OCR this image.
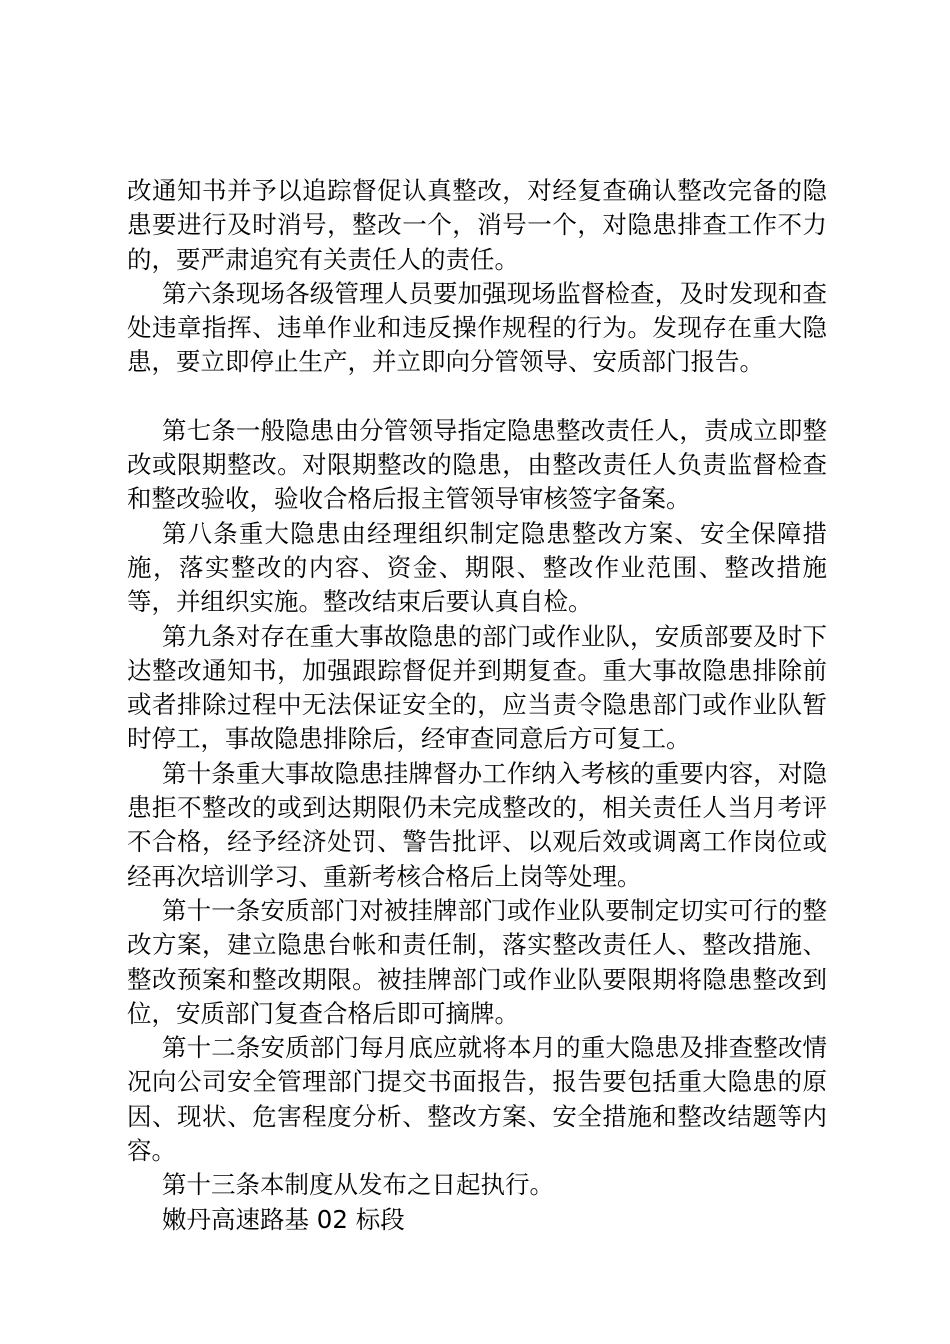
改通知书并予以追踪督促认真整改，对经复查确认整改完备的隐患要进行及时消号，整改一个，消号一个，对隐患排查工作不力的，要严肃追究有关责任人的责任。

第六条现场各级管理人员要加强现场监督检查，及时发现和查处违章指挥、违单作业和违反操作规程的行为。发现存在重大隐患，要立即停止生产，并立即向分管领导、安质部门报告。

第七条一般隐患由分管领导指定隐患整改责任人，责成立即整改或限期整改。对限期整改的隐患，由整改责任人负责监督检查和整改验收，验收合格后报主管领导审核签字备案。

第八条重大隐患由经理组织制定隐患整改方案、安全保障措施，落实整改的内容、资金、期限、整改作业范围、整改措施等，并组织实施。整改结束后要认真自检。

第九条对存在重大事故隐患的部门或作业队，安质部要及时下达整改通知书，加强跟踪督促并到期复查。重大事故隐患排除前或者排除过程中无法保证安全的，应当责令隐患部门或作业队暂时停工，事故隐患排除后，经审查同意后方可复工。

第十条重大事故隐患挂牌督办工作纳入考核的重要内容，对隐患拒不整改的或到达期限仍未完成整改的，相关责任人当月考评不合格，经予经济处罚、警告批评、以观后效或调离工作岗位或经再次培训学习、重新考核合格后上岗等处理。

第十一条安质部门对被挂牌部门或作业队要制定切实可行的整改方案，建立隐患台帐和责任制，落实整改责任人、整改措施、整改预案和整改期限。被挂牌部门或作业队要限期将隐患整改到位，安质部门复查合格后即可摘牌。

第十二条安质部门每月底应就将本月的重大隐患及排查整改情况向公司安全管理部门提交书面报告，报告要包括重大隐患的原因、现状、危害程度分析、整改方案、安全措施和整改结题等内容。

第十三条本制度从发布之日起执行。

嫩丹高速路基 02 标段
